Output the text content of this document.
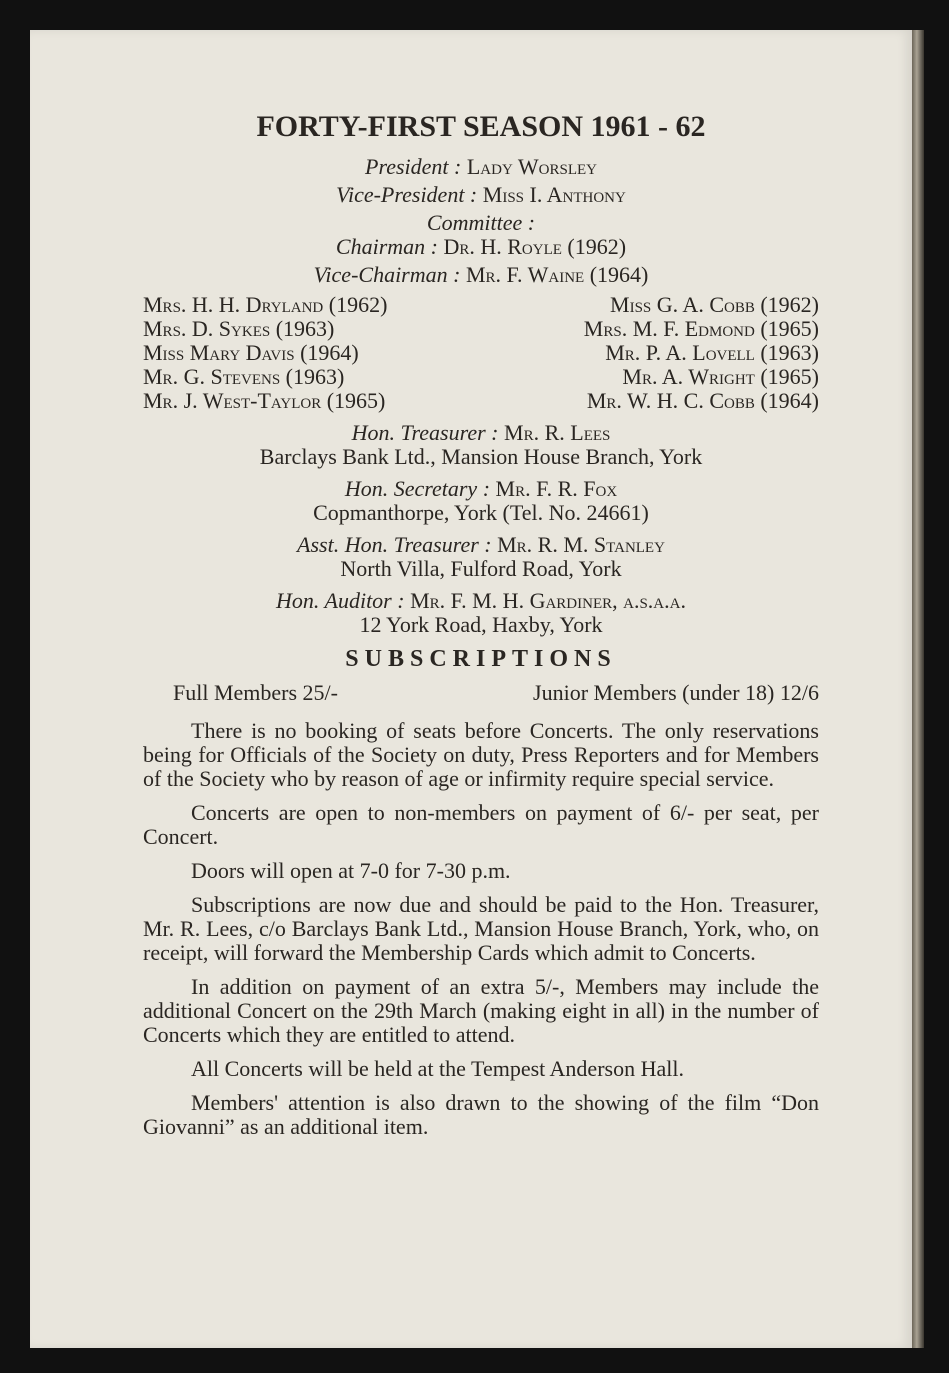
FORTY-FIRST SEASON 1961 - 62

President : Lady Worsley

Vice-President : Miss I. Anthony

Committee :

Chairman : Dr. H. Royle (1962)

Vice-Chairman : Mr. F. Waine (1964)

Mrs. H. H. Dryland (1962)
Mrs. D. Sykes (1963)
Miss Mary Davis (1964)
Mr. G. Stevens (1963)
Mr. J. West-Taylor (1965)
Miss G. A. Cobb (1962)
Mrs. M. F. Edmond (1965)
Mr. P. A. Lovell (1963)
Mr. A. Wright (1965)
Mr. W. H. C. Cobb (1964)

Hon. Treasurer : Mr. R. Lees

Barclays Bank Ltd., Mansion House Branch, York

Hon. Secretary : Mr. F. R. Fox

Copmanthorpe, York (Tel. No. 24661)

Asst. Hon. Treasurer : Mr. R. M. Stanley

North Villa, Fulford Road, York

Hon. Auditor : Mr. F. M. H. Gardiner, a.s.a.a.

12 York Road, Haxby, York

SUBSCRIPTIONS
Full Members 25/-	Junior Members (under 18) 12/6

There is no booking of seats before Concerts. The only reservations being for Officials of the Society on duty, Press Reporters and for Members of the Society who by reason of age or infirmity require special service.

Concerts are open to non-members on payment of 6/- per seat, per Concert.

Doors will open at 7-0 for 7-30 p.m.

Subscriptions are now due and should be paid to the Hon. Treasurer, Mr. R. Lees, c/o Barclays Bank Ltd., Mansion House Branch, York, who, on receipt, will forward the Membership Cards which admit to Concerts.

In addition on payment of an extra 5/-, Members may include the additional Concert on the 29th March (making eight in all) in the number of Concerts which they are entitled to attend.

All Concerts will be held at the Tempest Anderson Hall.

Members' attention is also drawn to the showing of the film “Don Giovanni” as an additional item.
